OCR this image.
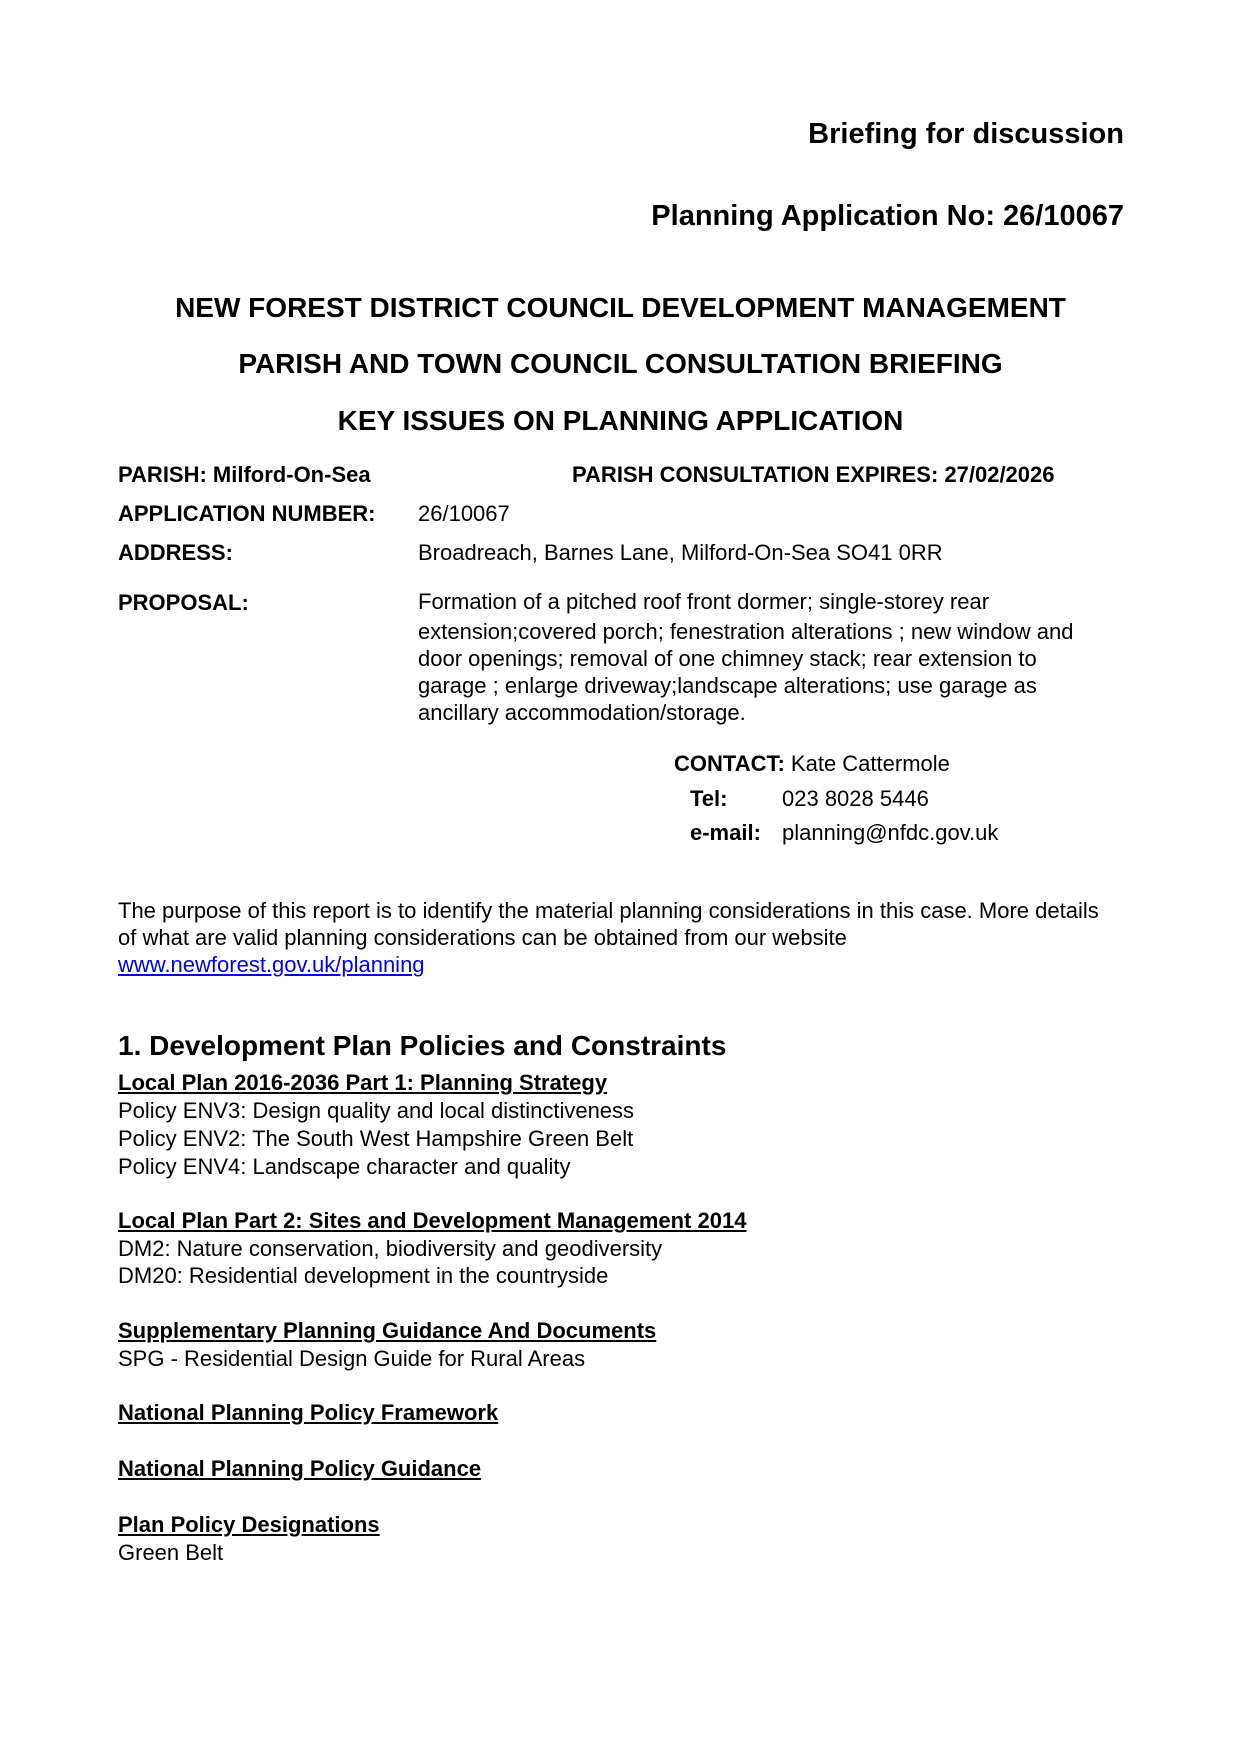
Briefing for discussion
Planning Application No: 26/10067
NEW FOREST DISTRICT COUNCIL DEVELOPMENT MANAGEMENT
PARISH AND TOWN COUNCIL CONSULTATION BRIEFING
KEY ISSUES ON PLANNING APPLICATION
PARISH: Milford-On-Sea	PARISH CONSULTATION EXPIRES: 27/02/2026
APPLICATION NUMBER: 26/10067
ADDRESS:	Broadreach, Barnes Lane, Milford-On-Sea SO41 0RR
PROPOSAL:	Formation of a pitched roof front dormer; single-storey rear
extension;covered porch; fenestration alterations ; new window and
door openings; removal of one chimney stack; rear extension to
garage ; enlarge driveway;landscape alterations; use garage as
ancillary accommodation/storage.
CONTACT: Kate Cattermole
Tel: 023 8028 5446
e-mail: planning@nfdc.gov.uk
The purpose of this report is to identify the material planning considerations in this case. More details of what are valid planning considerations can be obtained from our website
www.newforest.gov.uk/planning
1. Development Plan Policies and Constraints
Local Plan 2016-2036 Part 1: Planning Strategy
Policy ENV3: Design quality and local distinctiveness
Policy ENV2: The South West Hampshire Green Belt
Policy ENV4: Landscape character and quality
Local Plan Part 2: Sites and Development Management 2014
DM2: Nature conservation, biodiversity and geodiversity
DM20: Residential development in the countryside
Supplementary Planning Guidance And Documents
SPG - Residential Design Guide for Rural Areas
National Planning Policy Framework
National Planning Policy Guidance
Plan Policy Designations
Green Belt
